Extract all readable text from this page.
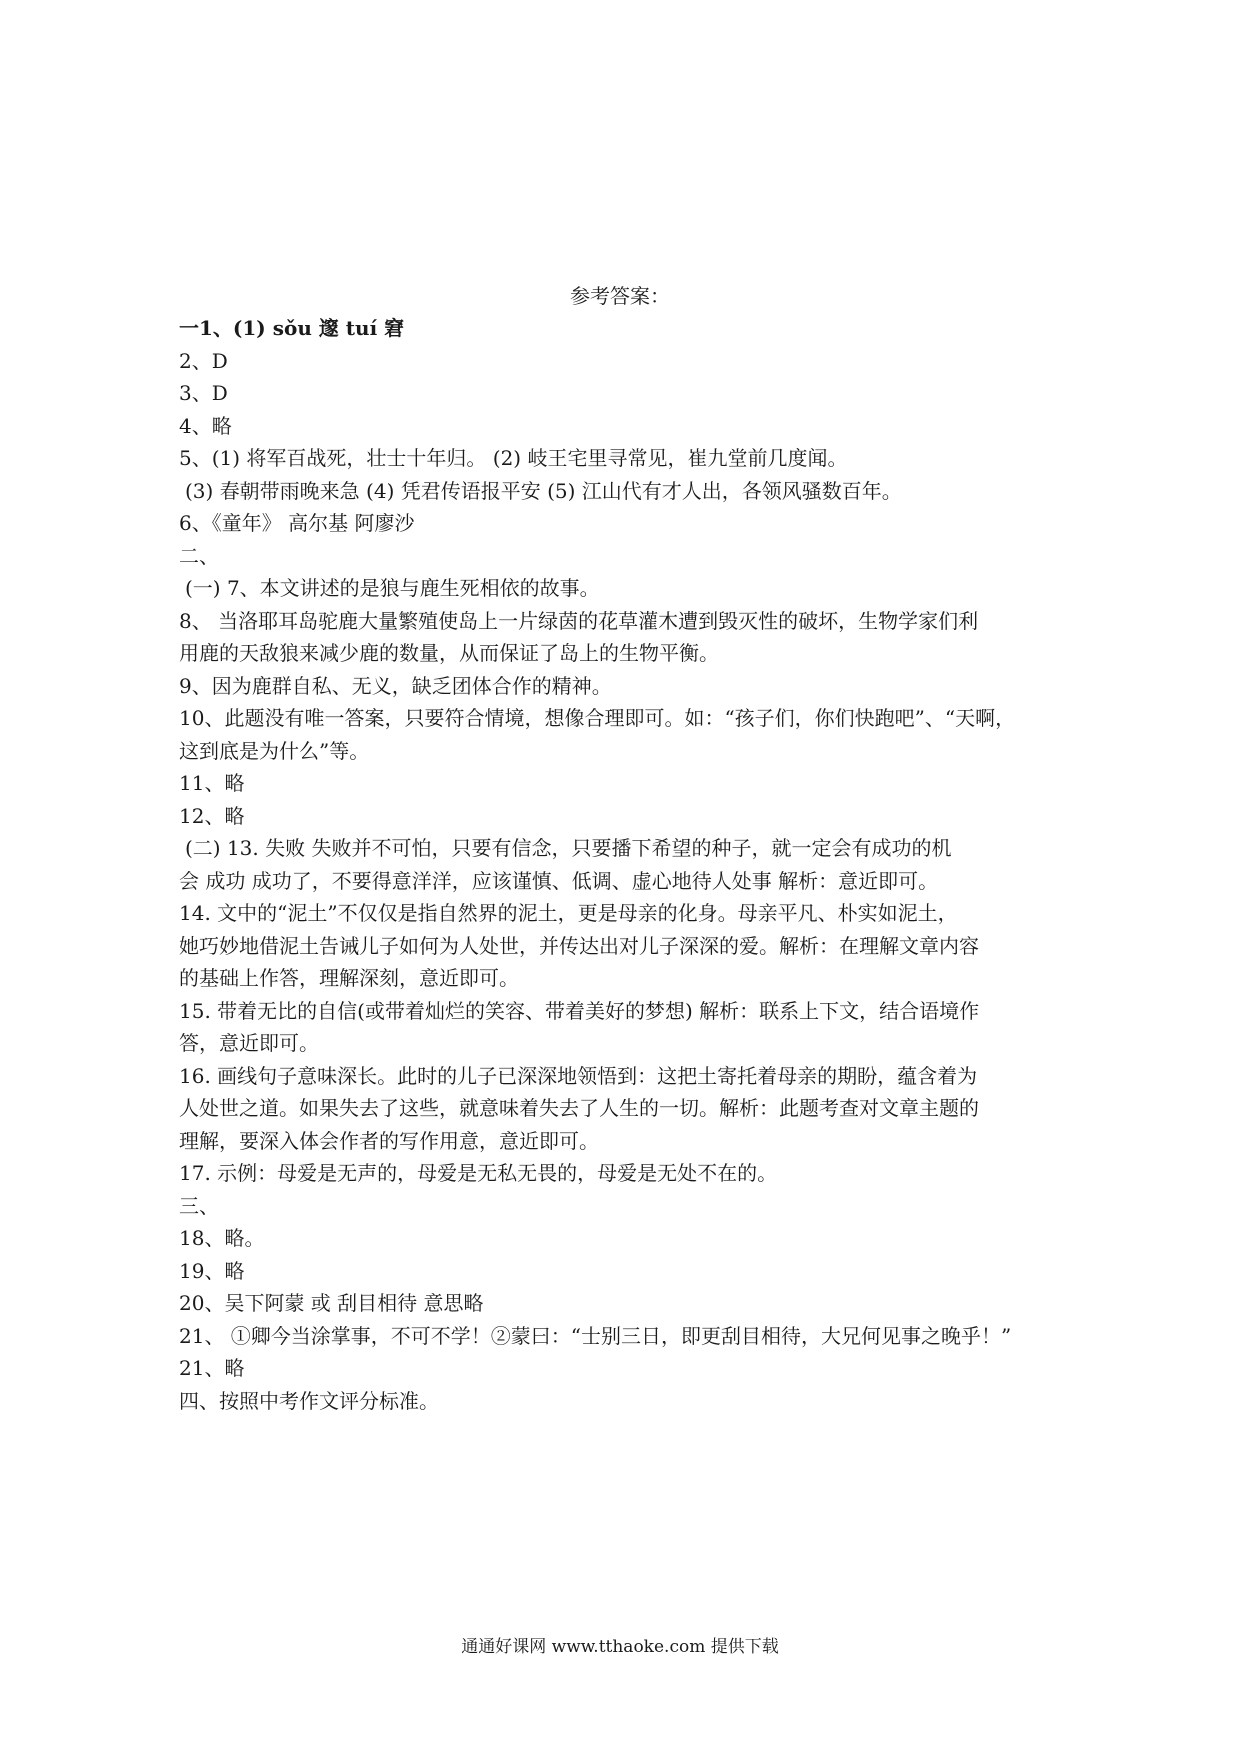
参考答案：
一1、(1) sǒu 邃 tuí 窘
2、D
3、D
4、略
5、(1) 将军百战死，壮士十年归。 (2) 岐王宅里寻常见，崔九堂前几度闻。
(3) 春朝带雨晚来急 (4) 凭君传语报平安 (5) 江山代有才人出，各领风骚数百年。
6、《童年》 高尔基 阿廖沙
二、
(一) 7、本文讲述的是狼与鹿生死相依的故事。
8、 当洛耶耳岛驼鹿大量繁殖使岛上一片绿茵的花草灌木遭到毁灭性的破坏，生物学家们利
用鹿的天敌狼来减少鹿的数量，从而保证了岛上的生物平衡。
9、因为鹿群自私、无义，缺乏团体合作的精神。
10、此题没有唯一答案，只要符合情境，想像合理即可。如：“孩子们，你们快跑吧”、“天啊，
这到底是为什么”等。
11、略
12、略
(二) 13. 失败 失败并不可怕，只要有信念，只要播下希望的种子，就一定会有成功的机
会 成功 成功了，不要得意洋洋，应该谨慎、低调、虚心地待人处事 解析：意近即可。
14. 文中的“泥土”不仅仅是指自然界的泥土，更是母亲的化身。母亲平凡、朴实如泥土，
她巧妙地借泥土告诫儿子如何为人处世，并传达出对儿子深深的爱。解析：在理解文章内容
的基础上作答，理解深刻，意近即可。
15. 带着无比的自信(或带着灿烂的笑容、带着美好的梦想) 解析：联系上下文，结合语境作
答，意近即可。
16. 画线句子意味深长。此时的儿子已深深地领悟到：这把土寄托着母亲的期盼，蕴含着为
人处世之道。如果失去了这些，就意味着失去了人生的一切。解析：此题考查对文章主题的
理解，要深入体会作者的写作用意，意近即可。
17. 示例：母爱是无声的，母爱是无私无畏的，母爱是无处不在的。
三、
18、略。
19、略
20、吴下阿蒙 或 刮目相待 意思略
21、 ①卿今当涂掌事，不可不学！②蒙曰：“士别三日，即更刮目相待，大兄何见事之晚乎！”
21、略
四、按照中考作文评分标准。
通通好课网 www.tthaoke.com 提供下载
